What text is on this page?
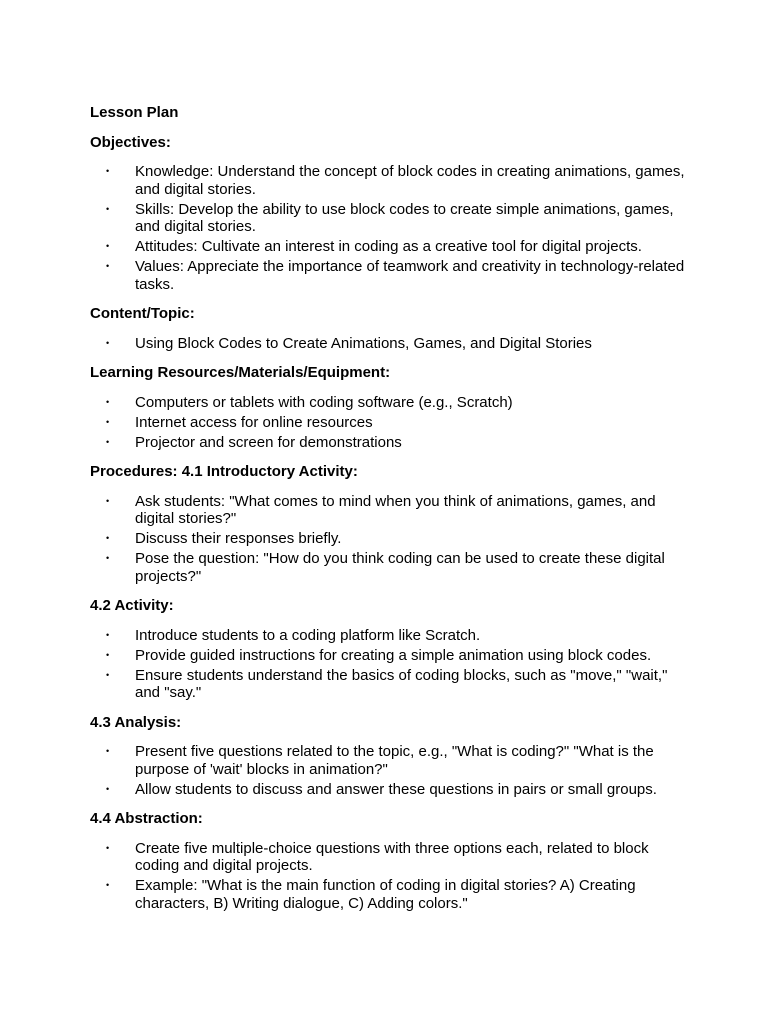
Lesson Plan
Objectives:
• Knowledge: Understand the concept of block codes in creating animations, games, and digital stories.
• Skills: Develop the ability to use block codes to create simple animations, games, and digital stories.
• Attitudes: Cultivate an interest in coding as a creative tool for digital projects.
• Values: Appreciate the importance of teamwork and creativity in technology-related tasks.
Content/Topic:
• Using Block Codes to Create Animations, Games, and Digital Stories
Learning Resources/Materials/Equipment:
• Computers or tablets with coding software (e.g., Scratch)
• Internet access for online resources
• Projector and screen for demonstrations
Procedures: 4.1 Introductory Activity:
• Ask students: "What comes to mind when you think of animations, games, and digital stories?"
• Discuss their responses briefly.
• Pose the question: "How do you think coding can be used to create these digital projects?"
4.2 Activity:
• Introduce students to a coding platform like Scratch.
• Provide guided instructions for creating a simple animation using block codes.
• Ensure students understand the basics of coding blocks, such as "move," "wait," and "say."
4.3 Analysis:
• Present five questions related to the topic, e.g., "What is coding?" "What is the purpose of 'wait' blocks in animation?"
• Allow students to discuss and answer these questions in pairs or small groups.
4.4 Abstraction:
• Create five multiple-choice questions with three options each, related to block coding and digital projects.
• Example: "What is the main function of coding in digital stories? A) Creating characters, B) Writing dialogue, C) Adding colors."
